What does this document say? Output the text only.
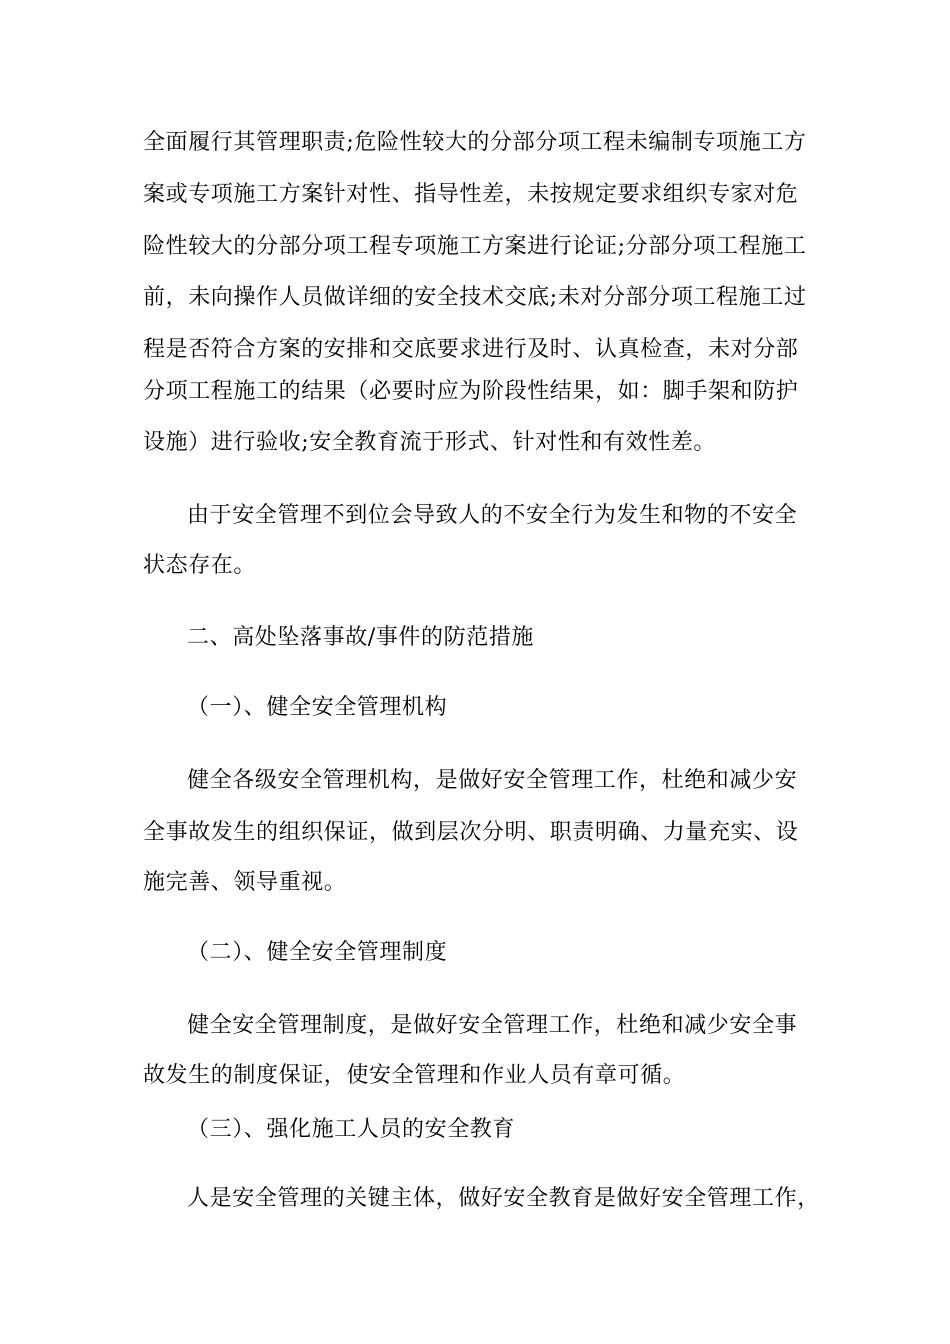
全面履行其管理职责;危险性较大的分部分项工程未编制专项施工方
案或专项施工方案针对性、指导性差，未按规定要求组织专家对危
险性较大的分部分项工程专项施工方案进行论证;分部分项工程施工
前，未向操作人员做详细的安全技术交底;未对分部分项工程施工过
程是否符合方案的安排和交底要求进行及时、认真检查，未对分部
分项工程施工的结果（必要时应为阶段性结果，如：脚手架和防护
设施）进行验收;安全教育流于形式、针对性和有效性差。
由于安全管理不到位会导致人的不安全行为发生和物的不安全
状态存在。
二、高处坠落事故/事件的防范措施
（一）、健全安全管理机构
健全各级安全管理机构，是做好安全管理工作，杜绝和减少安
全事故发生的组织保证，做到层次分明、职责明确、力量充实、设
施完善、领导重视。
（二）、健全安全管理制度
健全安全管理制度，是做好安全管理工作，杜绝和减少安全事
故发生的制度保证，使安全管理和作业人员有章可循。
（三）、强化施工人员的安全教育
人是安全管理的关键主体，做好安全教育是做好安全管理工作，
